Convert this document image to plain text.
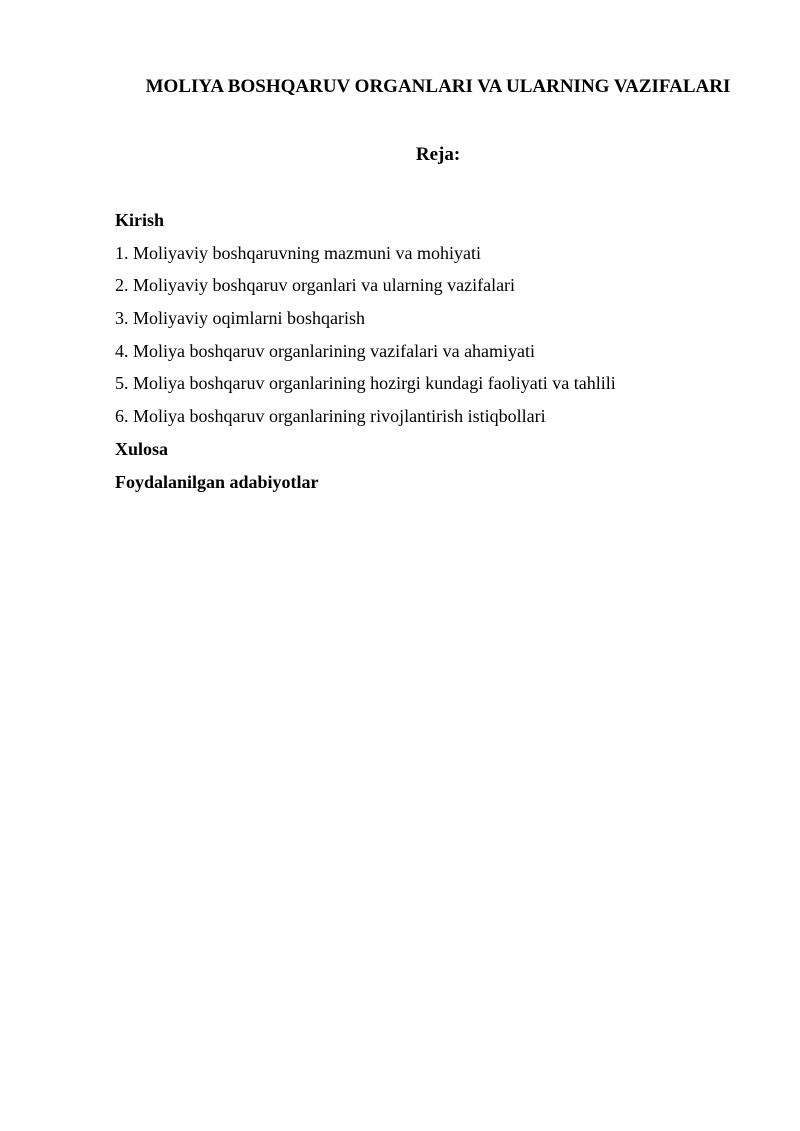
MOLIYA BOSHQARUV ORGANLARI VA ULARNING VAZIFALARI
Reja:
Kirish
1. Moliyaviy boshqaruvning mazmuni va mohiyati
2. Moliyaviy boshqaruv organlari va ularning vazifalari
3. Moliyaviy oqimlarni boshqarish
4. Moliya boshqaruv organlarining vazifalari va ahamiyati
5. Moliya boshqaruv organlarining hozirgi kundagi faoliyati va tahlili
6. Moliya boshqaruv organlarining rivojlantirish istiqbollari
Xulosa
Foydalanilgan adabiyotlar
